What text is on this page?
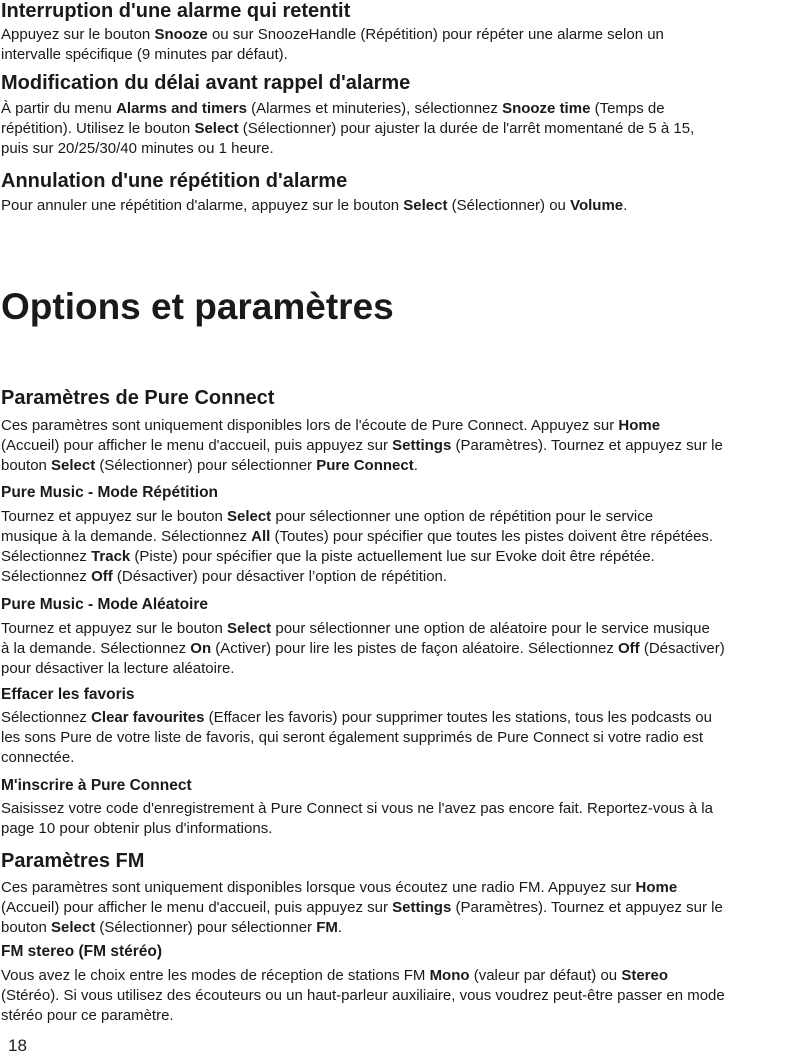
Interruption d'une alarme qui retentit

Appuyez sur le bouton Snooze ou sur SnoozeHandle (Répétition) pour répéter une alarme selon un
intervalle spécifique (9 minutes par défaut).

Modification du délai avant rappel d'alarme

À partir du menu Alarms and timers (Alarmes et minuteries), sélectionnez Snooze time (Temps de
répétition). Utilisez le bouton Select (Sélectionner) pour ajuster la durée de l'arrêt momentané de 5 à 15,
puis sur 20/25/30/40 minutes ou 1 heure.

Annulation d'une répétition d'alarme

Pour annuler une répétition d'alarme, appuyez sur le bouton Select (Sélectionner) ou Volume.

Options et paramètres
Paramètres de Pure Connect

Ces paramètres sont uniquement disponibles lors de l'écoute de Pure Connect. Appuyez sur Home
(Accueil) pour afficher le menu d'accueil, puis appuyez sur Settings (Paramètres). Tournez et appuyez sur le
bouton Select (Sélectionner) pour sélectionner Pure Connect.

Pure Music - Mode Répétition

Tournez et appuyez sur le bouton Select pour sélectionner une option de répétition pour le service
musique à la demande. Sélectionnez All (Toutes) pour spécifier que toutes les pistes doivent être répétées.
Sélectionnez Track (Piste) pour spécifier que la piste actuellement lue sur Evoke doit être répétée.
Sélectionnez Off (Désactiver) pour désactiver l’option de répétition.

Pure Music - Mode Aléatoire

Tournez et appuyez sur le bouton Select pour sélectionner une option de aléatoire pour le service musique
à la demande. Sélectionnez On (Activer) pour lire les pistes de façon aléatoire. Sélectionnez Off (Désactiver)
pour désactiver la lecture aléatoire.

Effacer les favoris

Sélectionnez Clear favourites (Effacer les favoris) pour supprimer toutes les stations, tous les podcasts ou
les sons Pure de votre liste de favoris, qui seront également supprimés de Pure Connect si votre radio est
connectée.

M'inscrire à Pure Connect

Saisissez votre code d'enregistrement à Pure Connect si vous ne l'avez pas encore fait. Reportez-vous à la
page 10 pour obtenir plus d'informations.

Paramètres FM

Ces paramètres sont uniquement disponibles lorsque vous écoutez une radio FM. Appuyez sur Home
(Accueil) pour afficher le menu d'accueil, puis appuyez sur Settings (Paramètres). Tournez et appuyez sur le
bouton Select (Sélectionner) pour sélectionner FM.

FM stereo (FM stéréo)

Vous avez le choix entre les modes de réception de stations FM Mono (valeur par défaut) ou Stereo
(Stéréo). Si vous utilisez des écouteurs ou un haut-parleur auxiliaire, vous voudrez peut-être passer en mode
stéréo pour ce paramètre.

18
